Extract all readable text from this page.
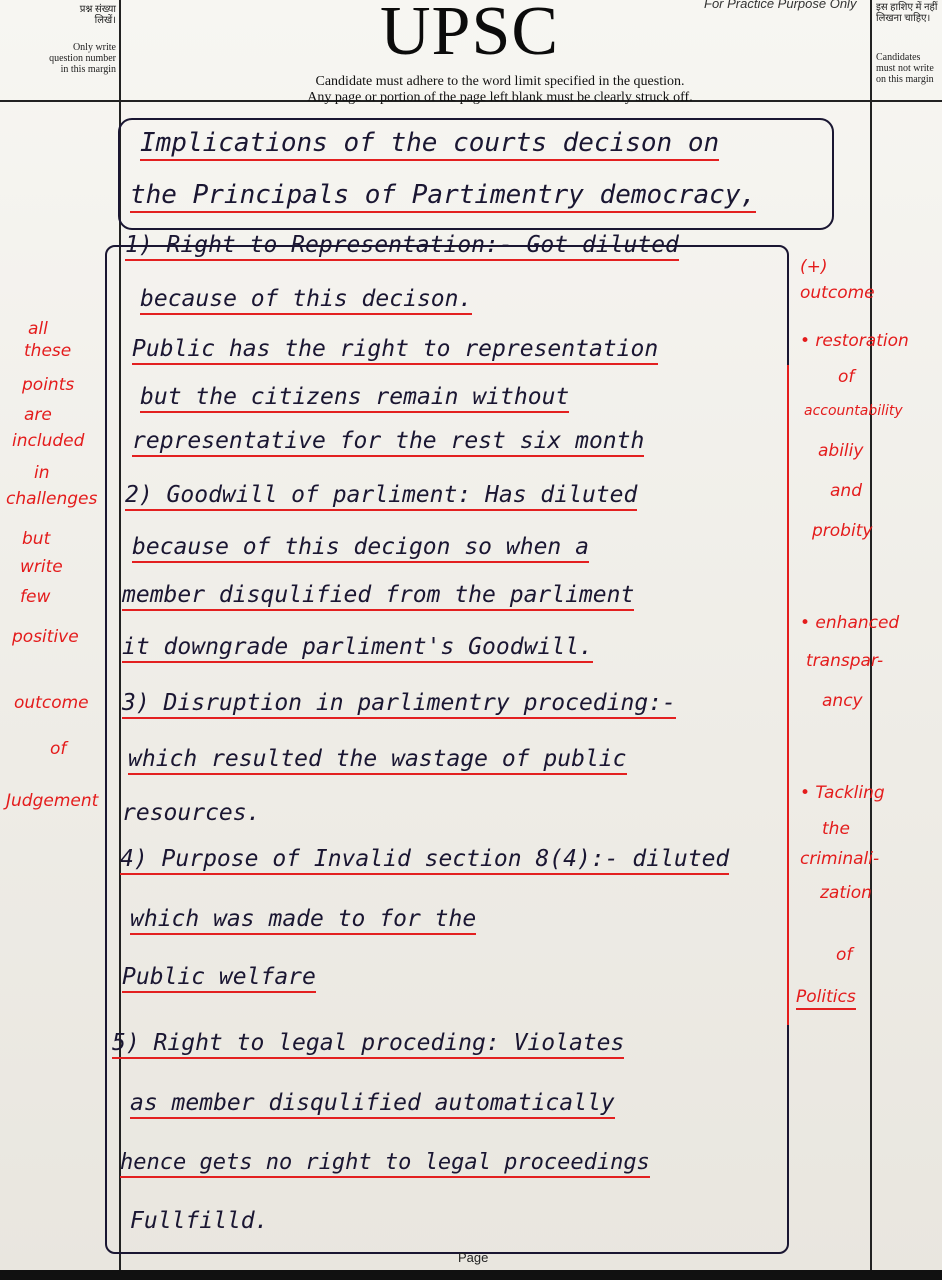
प्रश्न संख्या लिखें।
Only write question number in this margin
इस हाशिए में नहीं लिखना चाहिए।
Candidates must not write on this margin
UPSC	For Practice Purpose Only
Candidate must adhere to the word limit specified in the question.
Any page or portion of the page left blank must be clearly struck off.
Implications of the courts decison on
the Principals of Partimentry democracy,
1) Right to Representation:- Got diluted
because of this decison.
Public has the right to representation
but the citizens remain without
representative for the rest six month
2) Goodwill of parliment: Has diluted
because of this decigon so when a
member disqulified from the parliment
it downgrade parliment's Goodwill.
3) Disruption in parlimentry proceding:-
which resulted the wastage of public
resources.
4) Purpose of Invalid section 8(4):- diluted
which was made to for the
Public welfare
5) Right to legal proceding: Violates
as member disqulified automatically
hence gets no right to legal proceedings
Fullfilld.
all
these
points
are
included
in
challenges
but
write
few
positive
outcome
of
Judgement
(+)
outcome
• restoration
of
accountability
abiliy
and
probity
• enhanced
transpar-
ancy
• Tackling
the
criminali-
zation
of
Politics
Page
